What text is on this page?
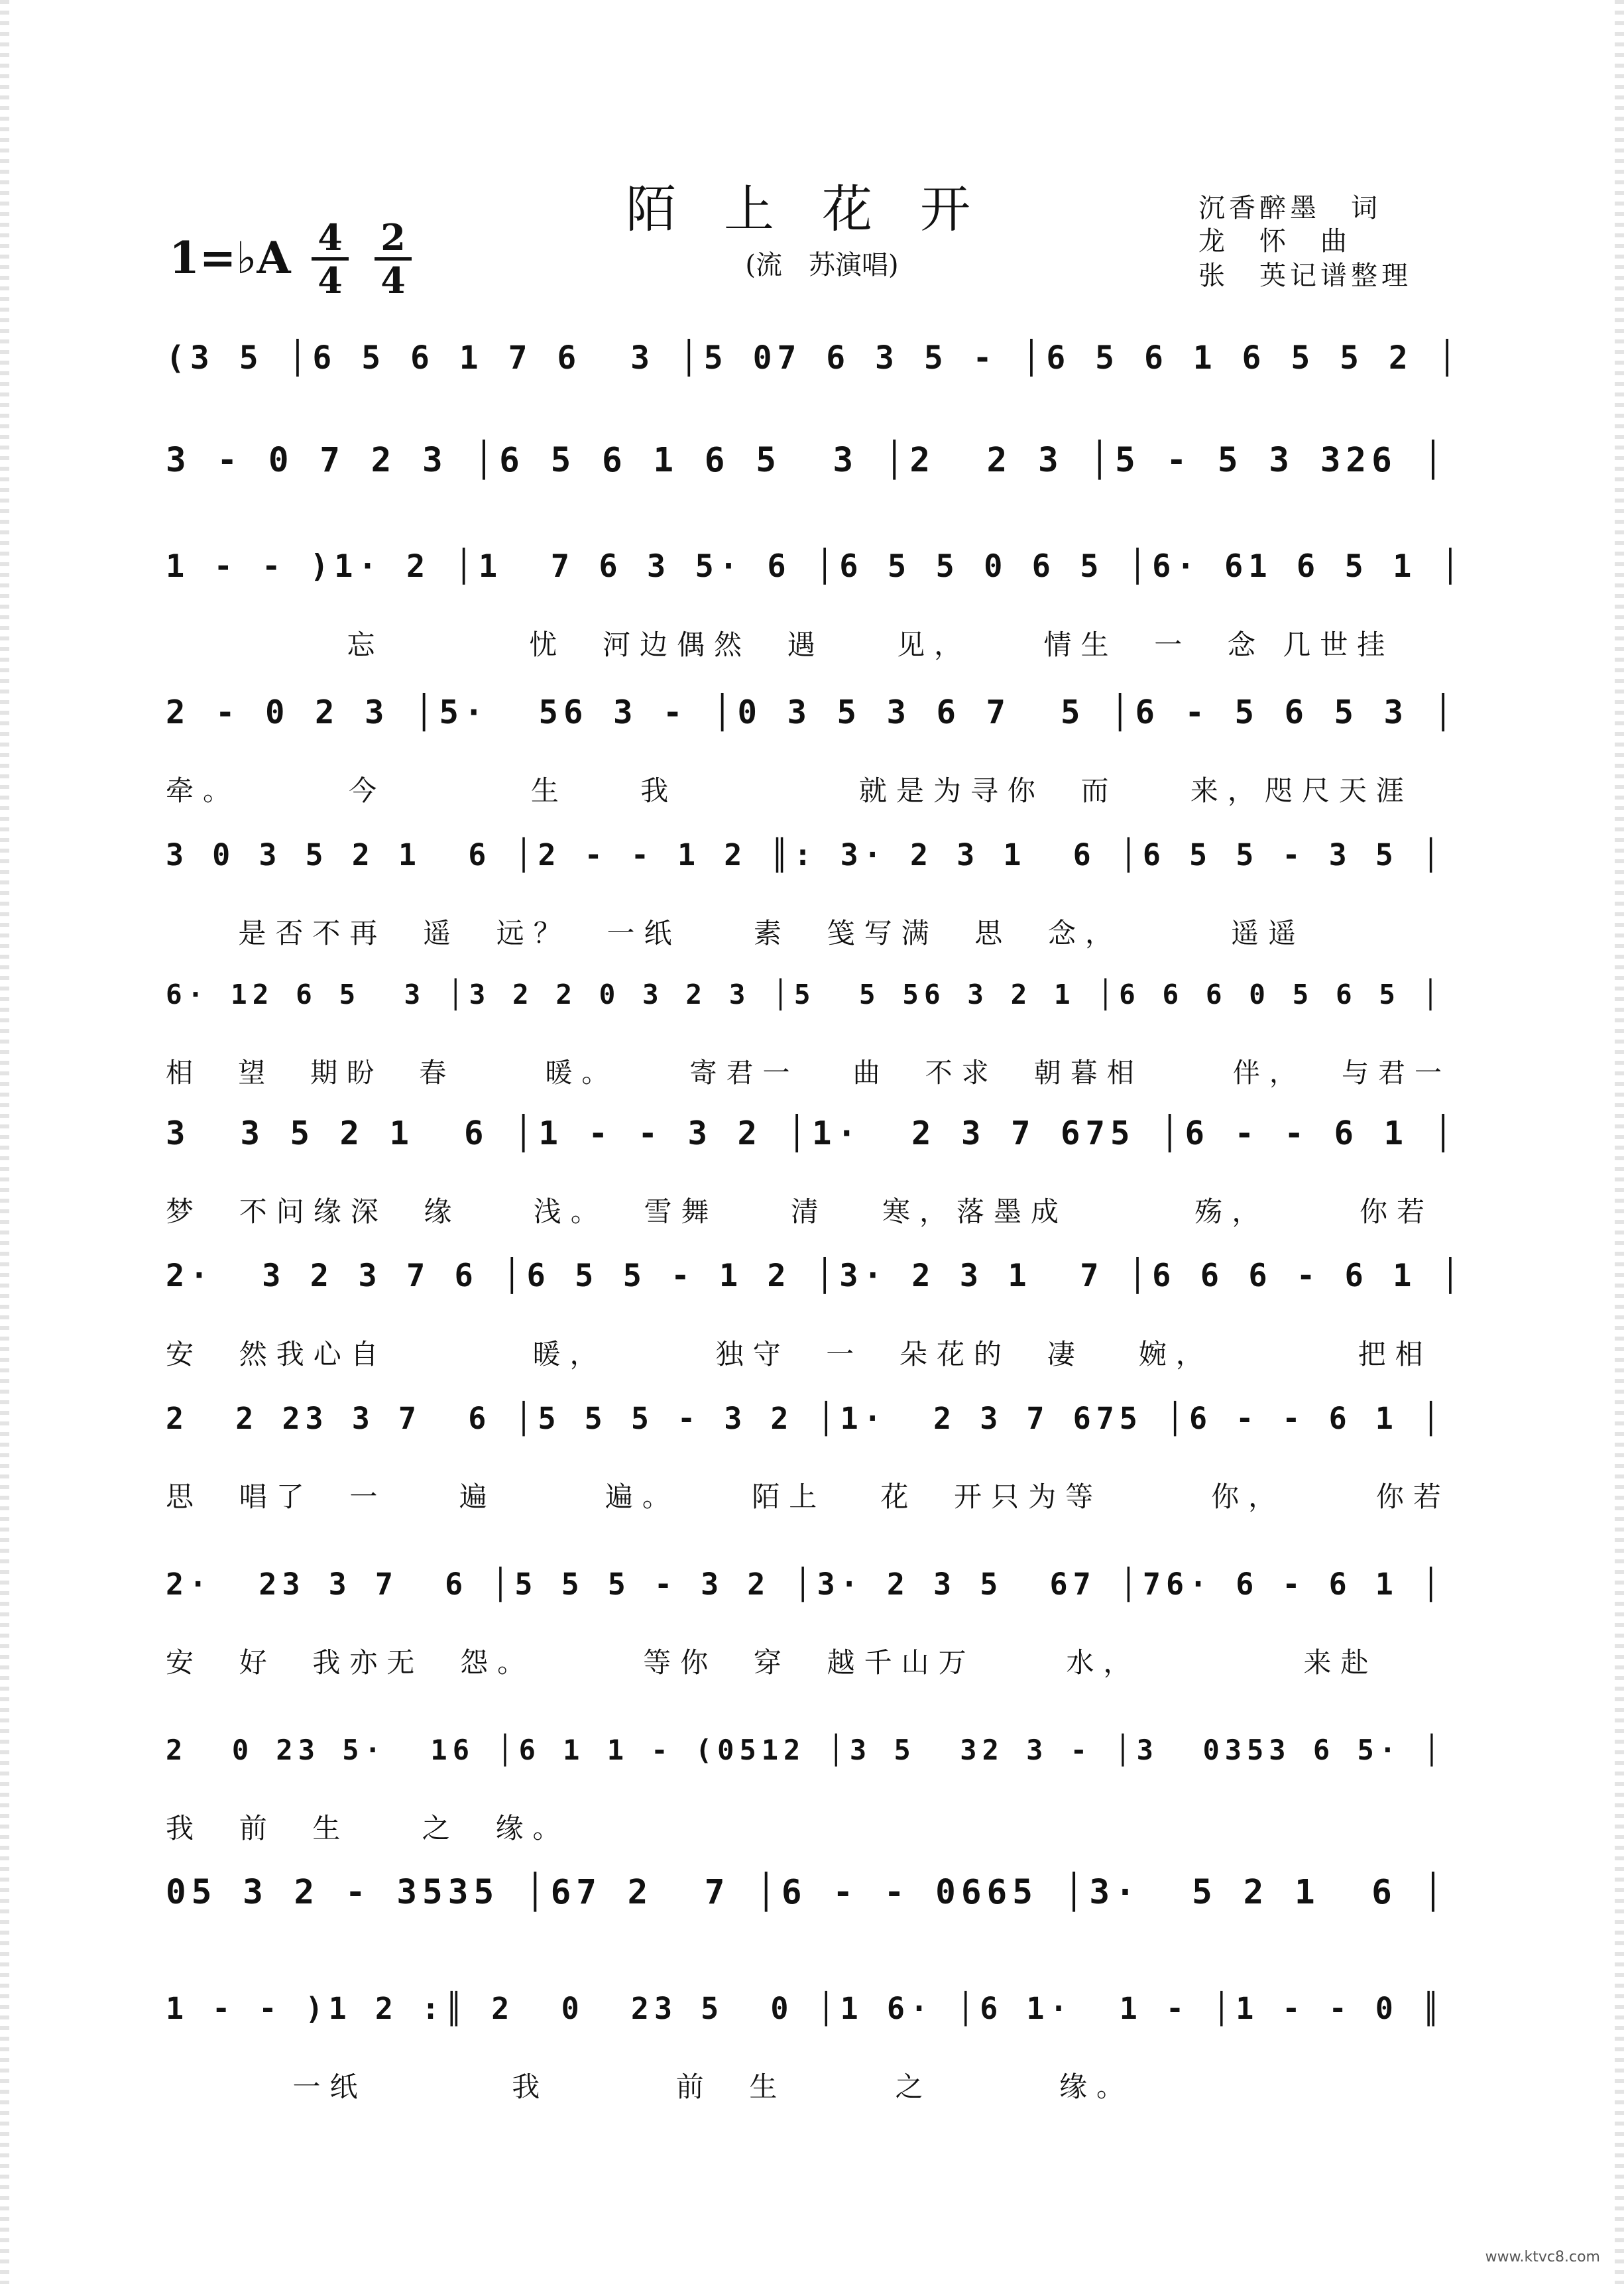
陌上花开
(流　苏演唱)
沉香醉墨　词
龙　怀　曲
张　英记谱整理
1=♭A 4
4
2
4
(3 5 │6 5 6 1 7 6  3 │5 07 6 3 5 - │6 5 6 1 6 5 5 2 │
3 - 0 7 2 3 │6 5 6 1 6 5  3 │2  2 3 │5 - 5 3 326 │
1 - - )1· 2 │1  7 6 3 5· 6 │6 5 5 0 6 5 │6· 61 6 5 1 │
忘        忧  河边偶然  遇    见，    情生  一  念 几世挂
2 - 0 2 3 │5·  56 3 - │0 3 5 3 6 7  5 │6 - 5 6 5 3 │
牵。      今        生    我          就是为寻你  而    来，咫尺天涯
3 0 3 5 2 1  6 │2 - - 1 2 ║: 3· 2 3 1  6 │6 5 5 - 3 5 │
是否不再  遥  远？  一纸    素  笺写满  思  念，      遥遥
6· 12 6 5  3 │3 2 2 0 3 2 3 │5  5 56 3 2 1 │6 6 6 0 5 6 5 │
相  望  期盼  春     暖。    寄君一   曲  不求  朝暮相     伴，  与君一
3  3 5 2 1  6 │1 - - 3 2 │1·  2 3 7 675 │6 - - 6 1 │
梦  不问缘深  缘    浅。  雪舞    清   寒，落墨成       殇，     你若
2·  3 2 3 7 6 │6 5 5 - 1 2 │3· 2 3 1  7 │6 6 6 - 6 1 │
安  然我心自        暖，      独守  一  朵花的  凄   婉，        把相
2  2 23 3 7  6 │5 5 5 - 3 2 │1·  2 3 7 675 │6 - - 6 1 │
思  唱了  一    遍      遍。    陌上   花  开只为等      你，     你若
2·  23 3 7  6 │5 5 5 - 3 2 │3· 2 3 5  67 │76· 6 - 6 1 │
安  好  我亦无  怨。      等你  穿  越千山万     水，         来赴
2  0 23 5·  16 │6 1 1 - (0512 │3 5  32 3 - │3  0353 6 5· │
我  前  生    之  缘。
05 3 2 - 3535 │67 2  7 │6 - - 0665 │3·  5 2 1  6 │
1 - - )1 2 :║ 2  0  23 5  0 │1 6· │6 1·  1 - │1 - - 0 ║
一纸        我       前  生      之       缘。
www.ktvc8.com
